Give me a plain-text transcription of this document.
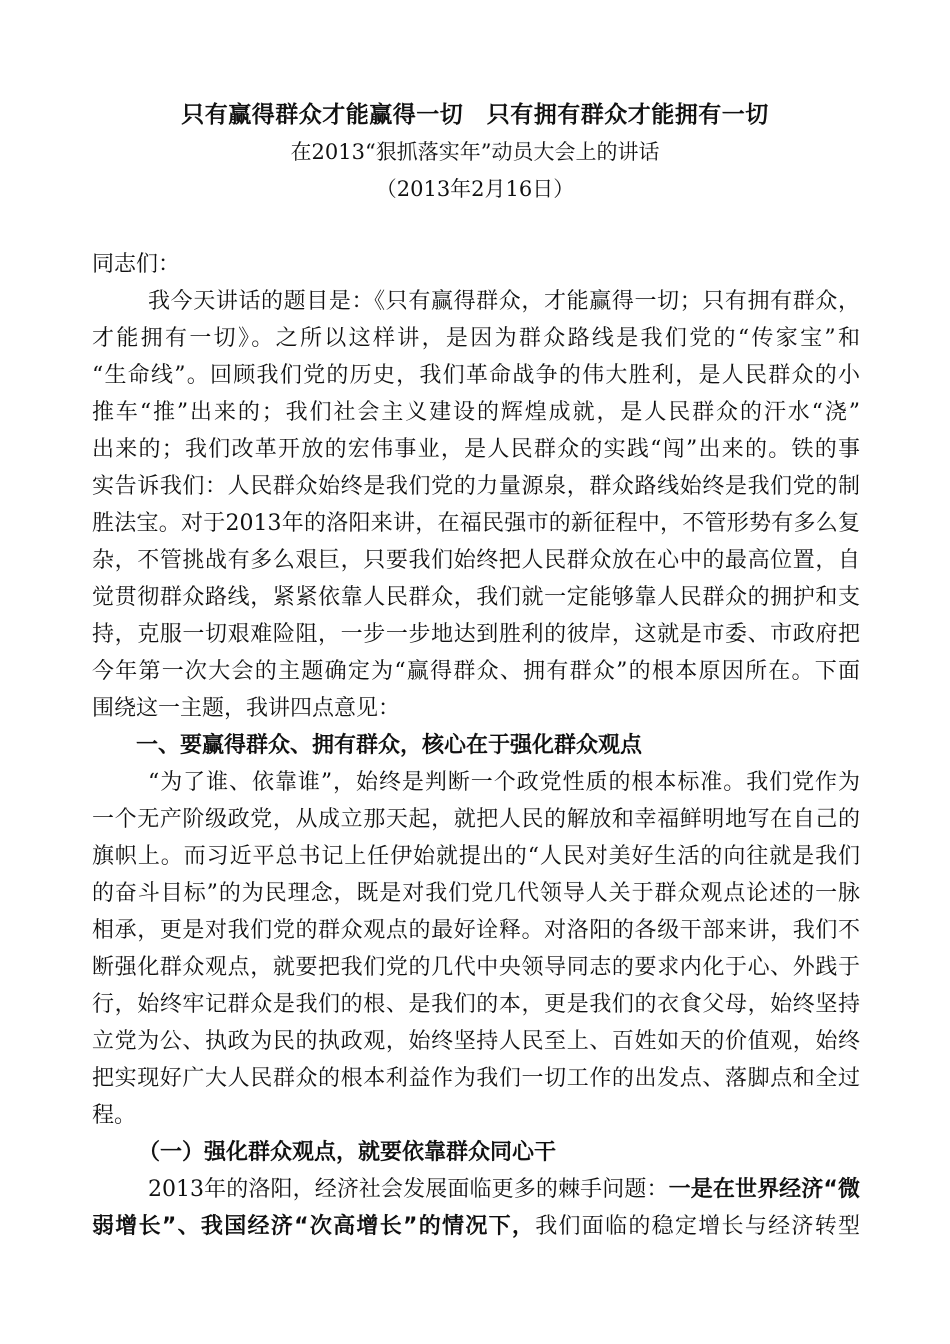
只有赢得群众才能赢得一切　只有拥有群众才能拥有一切
在2013“狠抓落实年”动员大会上的讲话
（2013年2月16日）
同志们：
我今天讲话的题目是：《只有赢得群众，才能赢得一切；只有拥有群众，
才能拥有一切》。之所以这样讲，是因为群众路线是我们党的“传家宝”和
“生命线”。回顾我们党的历史，我们革命战争的伟大胜利，是人民群众的小
推车“推”出来的；我们社会主义建设的辉煌成就，是人民群众的汗水“浇”
出来的；我们改革开放的宏伟事业，是人民群众的实践“闯”出来的。铁的事
实告诉我们：人民群众始终是我们党的力量源泉，群众路线始终是我们党的制
胜法宝。对于2013年的洛阳来讲，在福民强市的新征程中，不管形势有多么复
杂，不管挑战有多么艰巨，只要我们始终把人民群众放在心中的最高位置，自
觉贯彻群众路线，紧紧依靠人民群众，我们就一定能够靠人民群众的拥护和支
持，克服一切艰难险阻，一步一步地达到胜利的彼岸，这就是市委、市政府把
今年第一次大会的主题确定为“赢得群众、拥有群众”的根本原因所在。下面
围绕这一主题，我讲四点意见：
一、要赢得群众、拥有群众，核心在于强化群众观点
“为了谁、依靠谁”，始终是判断一个政党性质的根本标准。我们党作为
一个无产阶级政党，从成立那天起，就把人民的解放和幸福鲜明地写在自己的
旗帜上。而习近平总书记上任伊始就提出的“人民对美好生活的向往就是我们
的奋斗目标”的为民理念，既是对我们党几代领导人关于群众观点论述的一脉
相承，更是对我们党的群众观点的最好诠释。对洛阳的各级干部来讲，我们不
断强化群众观点，就要把我们党的几代中央领导同志的要求内化于心、外践于
行，始终牢记群众是我们的根、是我们的本，更是我们的衣食父母，始终坚持
立党为公、执政为民的执政观，始终坚持人民至上、百姓如天的价值观，始终
把实现好广大人民群众的根本利益作为我们一切工作的出发点、落脚点和全过
程。
（一）强化群众观点，就要依靠群众同心干
2013年的洛阳，经济社会发展面临更多的棘手问题：一是在世界经济“微
弱增长”、我国经济“次高增长”的情况下，我们面临的稳定增长与经济转型
